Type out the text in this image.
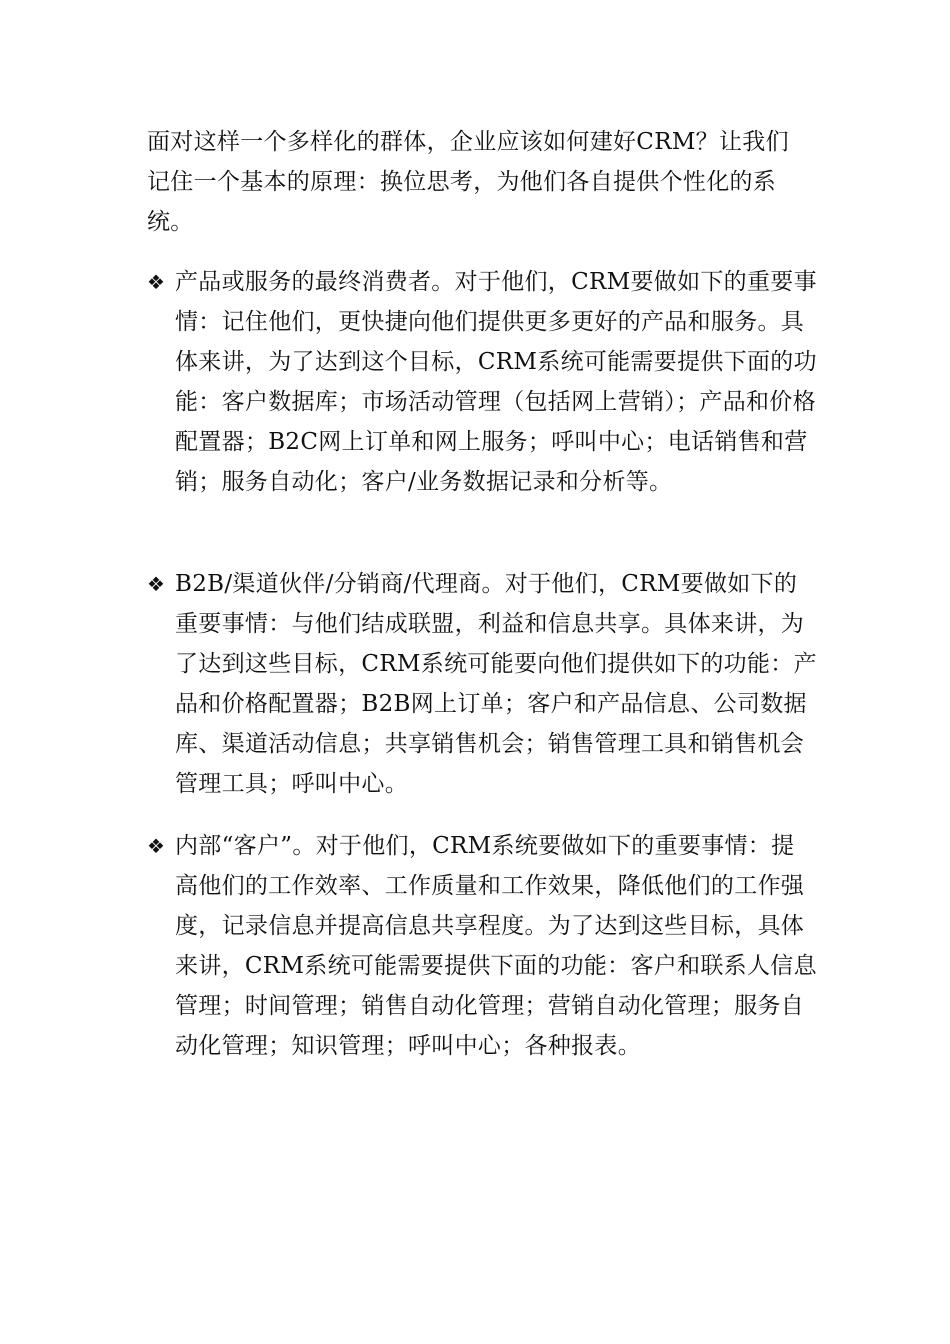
面对这样一个多样化的群体，企业应该如何建好CRM？让我们记住一个基本的原理：换位思考，为他们各自提供个性化的系统。

❖ 产品或服务的最终消费者。对于他们，CRM要做如下的重要事情：记住他们，更快捷向他们提供更多更好的产品和服务。具体来讲，为了达到这个目标，CRM系统可能需要提供下面的功能：客户数据库；市场活动管理（包括网上营销）；产品和价格配置器；B2C网上订单和网上服务；呼叫中心；电话销售和营销；服务自动化；客户/业务数据记录和分析等。

❖ B2B/渠道伙伴/分销商/代理商。对于他们，CRM要做如下的重要事情：与他们结成联盟，利益和信息共享。具体来讲，为了达到这些目标，CRM系统可能要向他们提供如下的功能：产品和价格配置器；B2B网上订单；客户和产品信息、公司数据库、渠道活动信息；共享销售机会；销售管理工具和销售机会管理工具；呼叫中心。

❖ 内部“客户”。对于他们，CRM系统要做如下的重要事情：提高他们的工作效率、工作质量和工作效果，降低他们的工作强度，记录信息并提高信息共享程度。为了达到这些目标，具体来讲，CRM系统可能需要提供下面的功能：客户和联系人信息管理；时间管理；销售自动化管理；营销自动化管理；服务自动化管理；知识管理；呼叫中心；各种报表。
